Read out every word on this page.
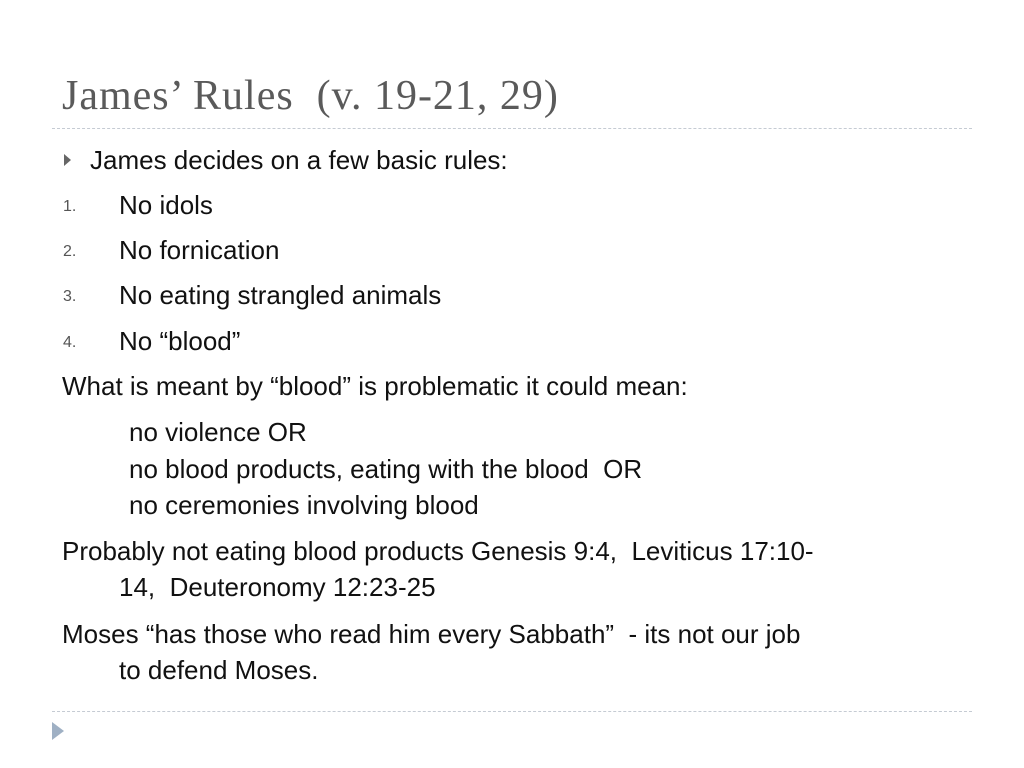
James’ Rules  (v. 19-21, 29)
James decides on a few basic rules:
1. No idols
2. No fornication
3. No eating strangled animals
4. No “blood”
What is meant by “blood” is problematic it could mean:
no violence OR
no blood products, eating with the blood  OR
no ceremonies involving blood
Probably not eating blood products Genesis 9:4,  Leviticus 17:10-
14,  Deuteronomy 12:23-25
Moses “has those who read him every Sabbath”  - its not our job
to defend Moses.
